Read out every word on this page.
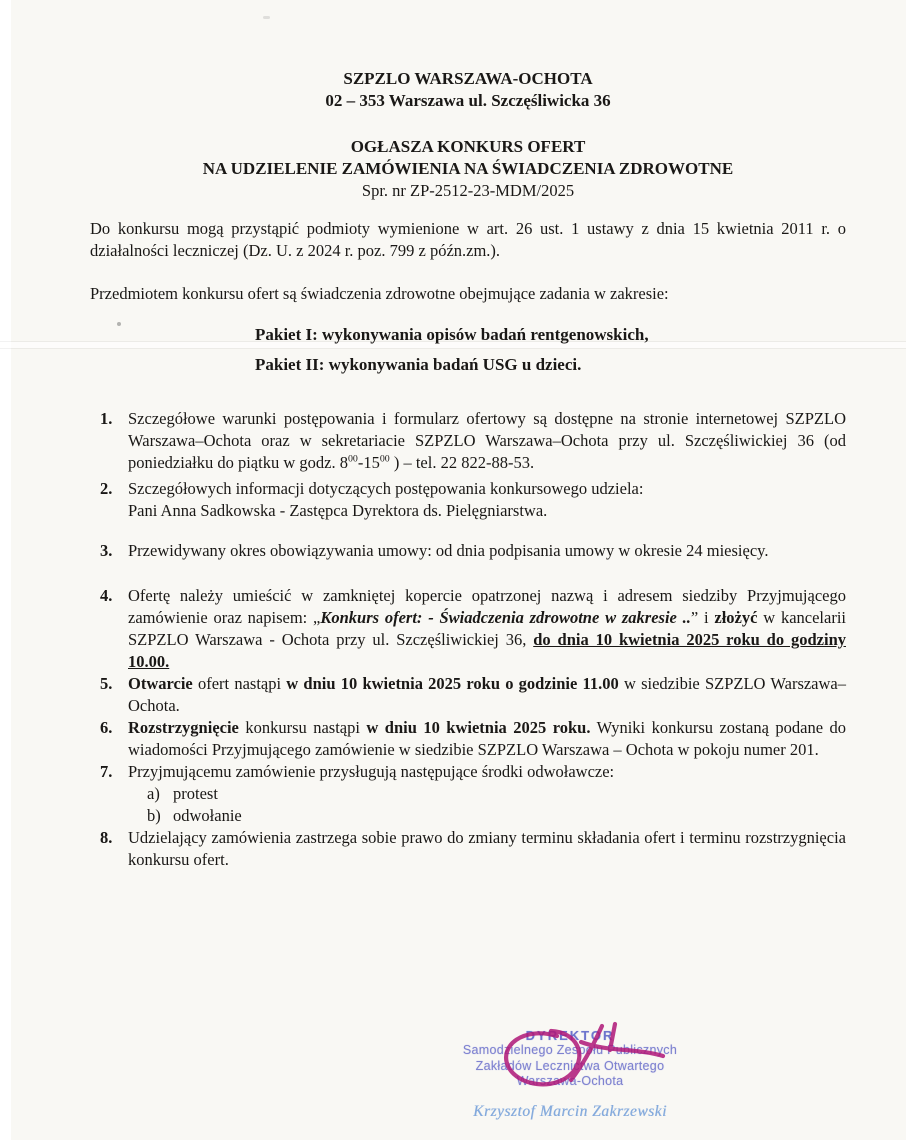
SZPZLO WARSZAWA-OCHOTA
02 – 353 Warszawa ul. Szczęśliwicka 36
OGŁASZA KONKURS OFERT
NA UDZIELENIE ZAMÓWIENIA NA ŚWIADCZENIA ZDROWOTNE
Spr. nr ZP-2512-23-MDM/2025
Do konkursu mogą przystąpić podmioty wymienione w art. 26 ust. 1 ustawy z dnia 15 kwietnia 2011 r. o działalności leczniczej (Dz. U. z 2024 r. poz. 799 z późn.zm.).
Przedmiotem konkursu ofert są świadczenia zdrowotne obejmujące zadania w zakresie:
Pakiet I: wykonywania opisów badań rentgenowskich,
Pakiet II: wykonywania badań USG u dzieci.
1. Szczegółowe warunki postępowania i formularz ofertowy są dostępne na stronie internetowej SZPZLO Warszawa–Ochota oraz w sekretariacie SZPZLO Warszawa–Ochota przy ul. Szczęśliwickiej 36 (od poniedziałku do piątku w godz. $8^{00}-15^{00}$ ) – tel. 22 822-88-53.
2. Szczegółowych informacji dotyczących postępowania konkursowego udziela:
Pani Anna Sadkowska - Zastępca Dyrektora ds. Pielęgniarstwa.
3. Przewidywany okres obowiązywania umowy: od dnia podpisania umowy w okresie 24 miesięcy.
4. Ofertę należy umieścić w zamkniętej kopercie opatrzonej nazwą i adresem siedziby Przyjmującego zamówienie oraz napisem: „Konkurs ofert: - Świadczenia zdrowotne w zakresie ..” i złożyć w kancelarii SZPZLO Warszawa - Ochota przy ul. Szczęśliwickiej 36, do dnia 10 kwietnia 2025 roku do godziny 10.00.
5. Otwarcie ofert nastąpi w dniu 10 kwietnia 2025 roku o godzinie 11.00 w siedzibie SZPZLO Warszawa–Ochota.
6. Rozstrzygnięcie konkursu nastąpi w dniu 10 kwietnia 2025 roku. Wyniki konkursu zostaną podane do wiadomości Przyjmującego zamówienie w siedzibie SZPZLO Warszawa – Ochota w pokoju numer 201.
7. Przyjmującemu zamówienie przysługują następujące środki odwoławcze:
a) protest
b) odwołanie
8. Udzielający zamówienia zastrzega sobie prawo do zmiany terminu składania ofert i terminu rozstrzygnięcia konkursu ofert.
DYREKTOR
Samodzielnego Zespołu Publicznych
Zakładów Lecznictwa Otwartego
Warszawa-Ochota
Krzysztof Marcin Zakrzewski
